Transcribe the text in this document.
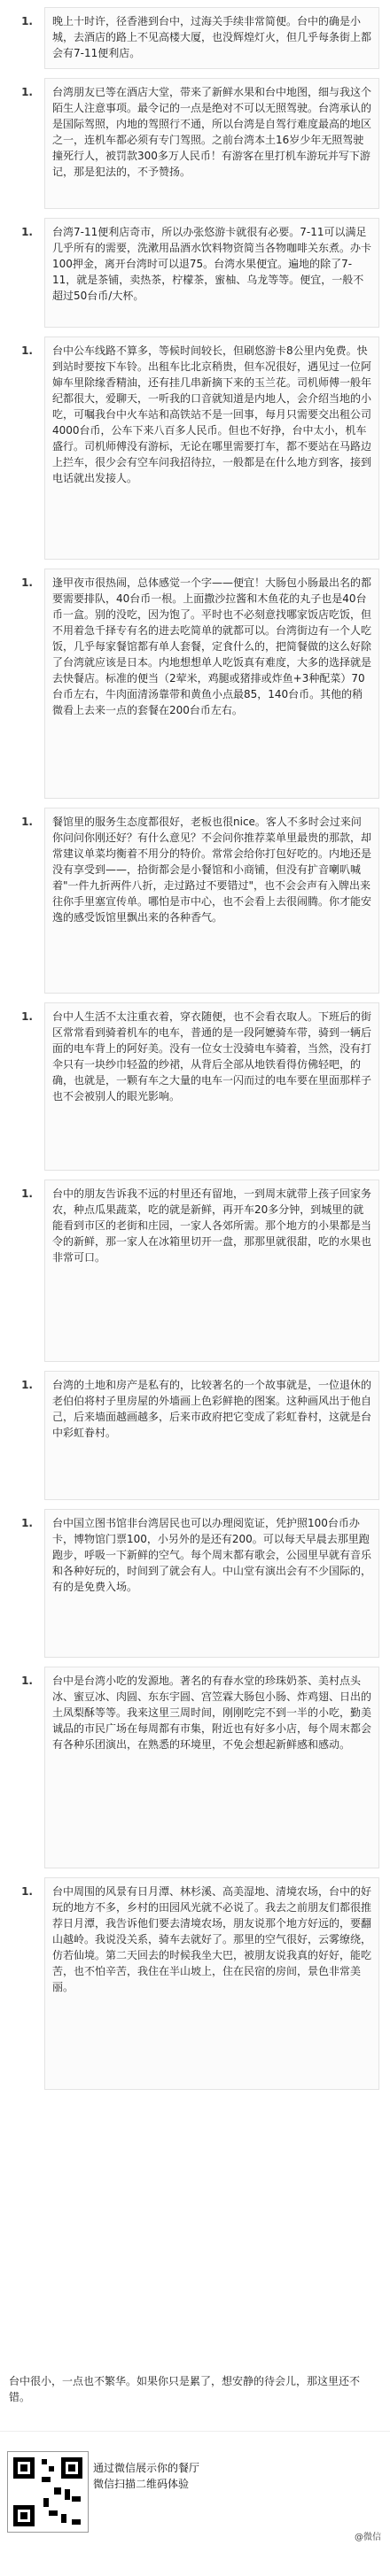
1. 晚上十时许，径香港到台中，过海关手续非常简便。台中的确是小城，去酒店的路上不见高楼大厦，也没辉煌灯火，但几乎每条街上都会有7-11便利店。
1. 台湾朋友已等在酒店大堂，带来了新鲜水果和台中地图，细与我这个陌生人注意事项。最令记的一点是绝对不可以无照驾驶。台湾承认的是国际驾照，内地的驾照行不通，所以台湾是自驾行难度最高的地区之一，连机车都必须有专门驾照。之前台湾本土16岁少年无照驾驶撞死行人，被罚款300多万人民币！有游客在里打机车游玩并写下游记，那是犯法的，不予赞扬。
1. 台湾7-11便利店奇市，所以办张悠游卡就很有必要。7-11可以满足几乎所有的需要，洗漱用品酒水饮料物资简当各物咖啡关东煮。办卡100押金，离开台湾时可以退75。台湾水果便宜。遍地的除了7-11，就是茶铺，卖热茶，柠檬茶，蜜柚、乌龙等等。便宜，一般不超过50台币/大杯。
1. 台中公车线路不算多，等候时间较长，但刷悠游卡8公里内免费。快到站时要按下车铃。出租车比北京稍贵，但车况很好，遇见过一位阿婶车里除缘香精油，还有挂几串新摘下来的玉兰花。司机师傅一般年纪都很大，爱聊天，一听我的口音就知道是内地人，会介绍当地的小吃，可嘱我台中火车站和高铁站不是一回事，每月只需要交出租公司4000台币，公车下来八百多人民币。但也不好挣，台中太小，机车盛行。司机师傅没有游标，无论在哪里需要打车，都不要站在马路边上拦车，很少会有空车问我招待拉，一般都是在什么地方到客，接到电话就出发接人。
1. 逢甲夜市很热闹，总体感觉一个字——便宜！大肠包小肠最出名的都要需要排队，40台币一根。上面撒沙拉酱和木鱼花的丸子也是40台币一盒。别的没吃，因为饱了。平时也不必刻意找哪家饭店吃饭，但不用着急千择专有名的进去吃简单的就都可以。台湾街边有一个人吃饭，几乎每家餐馆都有单人套餐，定食什么的，把简餐做的这么好除了台湾就应该是日本。内地想想单人吃饭真有难度，大多的选择就是去快餐店。标准的便当（2荤米，鸡腿或猪排或炸鱼+3种配菜）70台币左右，牛肉面清汤靠带和黄鱼小点最85，140台币。其他的稍微看上去来一点的套餐在200台币左右。
1. 餐馆里的服务生态度都很好，老板也很nice。客人不多时会过来问你问问你刚还好？有什么意见？不会问你推荐菜单里最贵的那款，却常建议单菜均衡着不用分的特价。常常会给你打包好吃的。内地还是没有享受到——，拾街都会是小餐馆和小商铺，但没有扩音喇叭喊着"一件九折两件八折，走过路过不要错过"，也不会会声有入牌出来往你手里塞宣传单。哪怕是市中心，也不会看上去很闹腾。你才能安逸的感受饭馆里飘出来的各种香气。
1. 台中人生活不太注重衣着，穿衣随便，也不会看衣取人。下班后的街区常常看到骑着机车的电车，普通的是一段阿嬷骑车带，骑到一辆后面的电车背上的阿好美。没有一位女士没骑电车骑着，当然，没有打伞只有一块纱巾轻盈的纱裙，从背后全部从地铁看得仿佛轻吧，的确，也就是，一颗有车之大量的电车一闪而过的电车要在里面那样子也不会被别人的眼光影响。
1. 台中的朋友告诉我不远的村里还有留地，一到周末就带上孩子回家务农，种点瓜果蔬菜，吃的就是新鲜，再开车20多分钟，到城里的就能看到市区的老街和庄园，一家人各郊所需。那个地方的小果都是当令的新鲜，那一家人在冰箱里切开一盘，那那里就很甜，吃的水果也非常可口。
1. 台湾的土地和房产是私有的，比较著名的一个故事就是，一位退休的老伯伯将村子里房屋的外墙画上色彩鲜艳的图案。这种画风出于他自己，后来墙面越画越多，后来市政府把它变成了彩虹眷村，这就是台中彩虹眷村。
1. 台中国立图书馆非台湾居民也可以办理阅览证，凭护照100台币办卡，博物馆门票100，小另外的是还有200。可以每天早晨去那里跑跑步，呼吸一下新鲜的空气。每个周末都有歌会，公园里早就有音乐和各种好玩的，时间到了就会有人。中山堂有演出会有不少国际的，有的是免费入场。
1. 台中是台湾小吃的发源地。著名的有春水堂的珍珠奶茶、美村点头冰、蜜豆冰、肉圆、东东宇圆、宫笠霖大肠包小肠、炸鸡翅、日出的土凤梨酥等等。我来这里三周时间，刚刚吃完不到一半的小吃，勤美诚品的市民广场在每周都有市集，附近也有好多小店，每个周末都会有各种乐团演出，在熟悉的环境里，不免会想起新鲜感和感动。
1. 台中周围的风景有日月潭、林杉溪、高美湿地、清境农场，台中的好玩的地方不多，乡村的田园风光就不必说了。我去之前朋友们都很推荐日月潭，我告诉他们要去清境农场，朋友说那个地方好远的，要翻山越岭。我说没关系，骑车去就好了。那里的空气很好，云雾缭绕，仿若仙境。第二天回去的时候我坐大巴，被朋友说我真的好好，能吃苦，也不怕辛苦，我住在半山坡上，住在民宿的房间，景色非常美丽。
台中很小，一点也不繁华。如果你只是累了，想安静的待会儿，那这里还不错。
通过微信展示你的餐厅
微信扫描二维码体验
@微信
